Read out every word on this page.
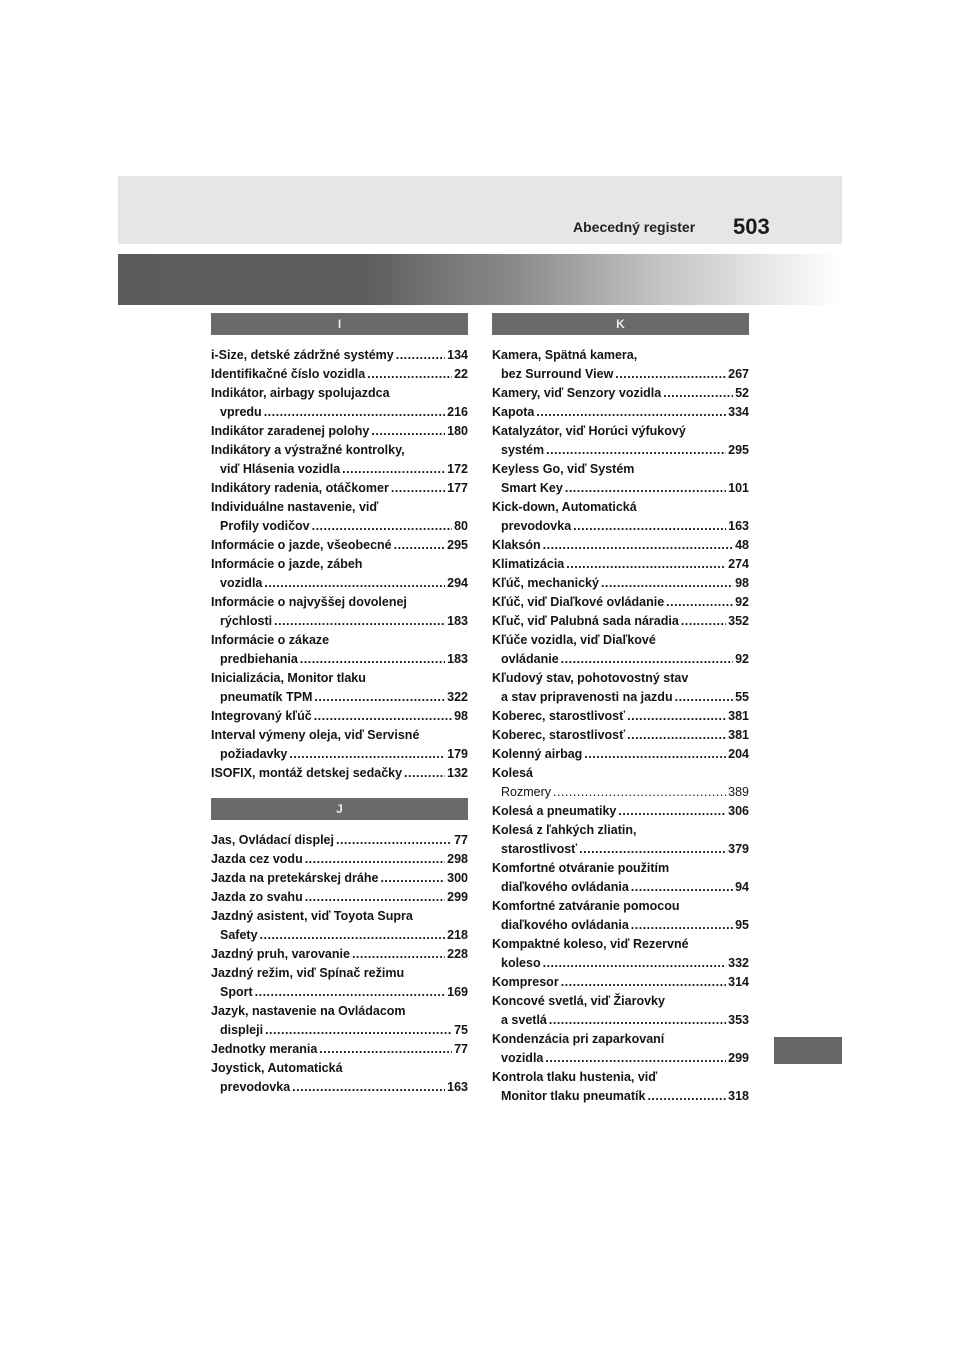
Abecedný register 503
I
i-Size, detské zádržné systémy .....	134
Identifikačné číslo vozidla .....	22
Indikátor, airbagy spolujazdca
vpredu .....	216
Indikátor zaradenej polohy .....	180
Indikátory a výstražné kontrolky,
viď Hlásenia vozidla .....	172
Indikátory radenia, otáčkomer .....	177
Individuálne nastavenie, viď
Profily vodičov .....	80
Informácie o jazde, všeobecné .....	295
Informácie o jazde, zábeh
vozidla .....	294
Informácie o najvyššej dovolenej
rýchlosti .....	183
Informácie o zákaze
predbiehania .....	183
Inicializácia, Monitor tlaku
pneumatík TPM .....	322
Integrovaný kľúč .....	98
Interval výmeny oleja, viď Servisné
požiadavky .....	179
ISOFIX, montáž detskej sedačky .....	132
J
Jas, Ovládací displej .....	77
Jazda cez vodu .....	298
Jazda na pretekárskej dráhe .....	300
Jazda zo svahu .....	299
Jazdný asistent, viď Toyota Supra
Safety .....	218
Jazdný pruh, varovanie .....	228
Jazdný režim, viď Spínač režimu
Sport .....	169
Jazyk, nastavenie na Ovládacom
displeji .....	75
Jednotky merania .....	77
Joystick, Automatická
prevodovka .....	163
K
Kamera, Spätná kamera,
bez Surround View .....	267
Kamery, viď Senzory vozidla .....	52
Kapota .....	334
Katalyzátor, viď Horúci výfukový
systém .....	295
Keyless Go, viď Systém
Smart Key .....	101
Kick-down, Automatická
prevodovka .....	163
Klaksón .....	48
Klimatizácia .....	274
Kľúč, mechanický .....	98
Kľúč, viď Diaľkové ovládanie .....	92
Kľuč, viď Palubná sada náradia .....	352
Kľúče vozidla, viď Diaľkové
ovládanie .....	92
Kľudový stav, pohotovostný stav
a stav pripravenosti na jazdu .....	55
Koberec, starostlivosť .....	381
Koberec, starostlivosť .....	381
Kolenný airbag .....	204
Kolesá
Rozmery .....	389
Kolesá a pneumatiky .....	306
Kolesá z ľahkých zliatin,
starostlivosť .....	379
Komfortné otváranie použitím
diaľkového ovládania .....	94
Komfortné zatváranie pomocou
diaľkového ovládania .....	95
Kompaktné koleso, viď Rezervné
koleso .....	332
Kompresor .....	314
Koncové svetlá, viď Žiarovky
a svetlá .....	353
Kondenzácia pri zaparkovaní
vozidla .....	299
Kontrola tlaku hustenia, viď
Monitor tlaku pneumatík .....	318
